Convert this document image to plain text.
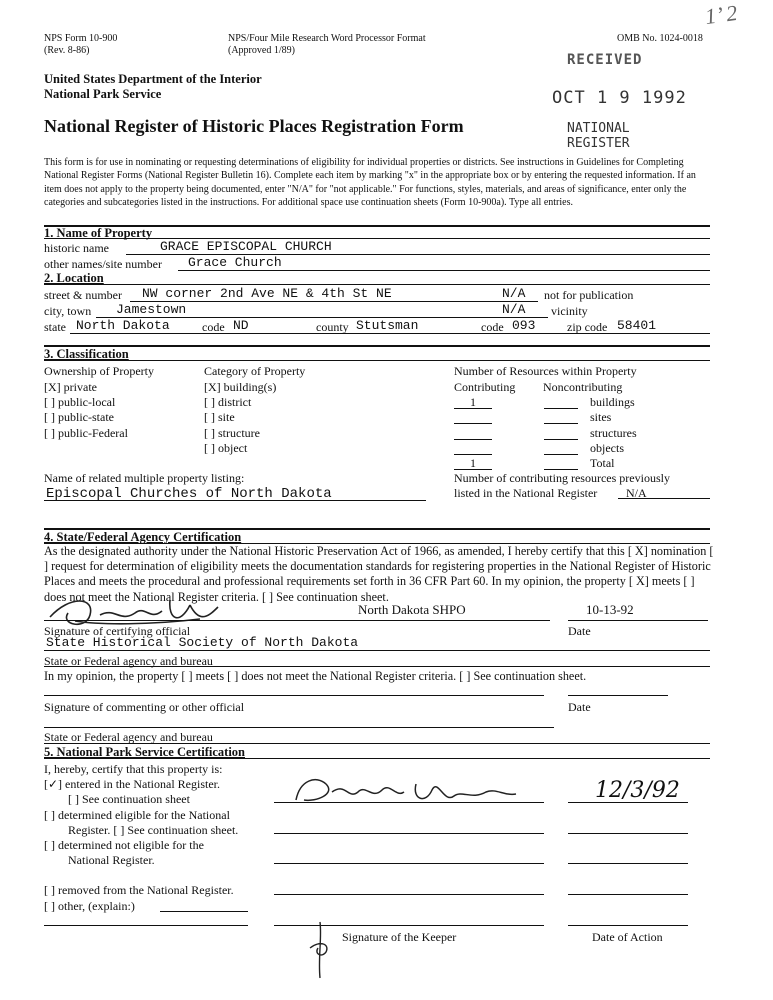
NPS Form 10-900
(Rev. 8-86)
NPS/Four Mile Research Word Processor Format
(Approved 1/89)
OMB No. 1024-0018
1’ 2
United States Department of the Interior
National Park Service
National Register of Historic Places Registration Form
RECEIVED
OCT 1 9 1992
NATIONAL
REGISTER
This form is for use in nominating or requesting determinations of eligibility for individual properties or districts. See instructions in Guidelines for Completing National Register Forms (National Register Bulletin 16). Complete each item by marking "x" in the appropriate box or by entering the requested information. If an item does not apply to the property being documented, enter "N/A" for "not applicable." For functions, styles, materials, and areas of significance, enter only the categories and subcategories listed in the instructions. For additional space use continuation sheets (Form 10-900a). Type all entries.
1. Name of Property
historic name	GRACE EPISCOPAL CHURCH
other names/site number Grace Church
2. Location
street & number NW corner 2nd Ave NE & 4th St NE	N/A not for publication
city, town Jamestown	N/A vicinity
state North Dakota	code ND	county Stutsman	code 093	zip code 58401
3. Classification
Ownership of Property
[X] private
[ ] public-local
[ ] public-state
[ ] public-Federal
Category of Property
[X] building(s)
[ ] district
[ ] site
[ ] structure
[ ] object
Number of Resources within Property
Contributing Noncontributing
1	buildings
sites
structures
objects
1	Total
Name of related multiple property listing:
Episcopal Churches of North Dakota
Number of contributing resources previously
listed in the National Register N/A
4. State/Federal Agency Certification
As the designated authority under the National Historic Preservation Act of 1966, as amended, I hereby certify that this [ X] nomination [ ] request for determination of eligibility meets the documentation standards for registering properties in the National Register of Historic Places and meets the procedural and professional requirements set forth in 36 CFR Part 60. In my opinion, the property [ X] meets [ ] does not meet the National Register criteria. [ ] See continuation sheet.
North Dakota SHPO	10-13-92
Signature of certifying official	Date
State Historical Society of North Dakota
State or Federal agency and bureau
In my opinion, the property [ ] meets [ ] does not meet the National Register criteria. [ ] See continuation sheet.
Signature of commenting or other official	Date
State or Federal agency and bureau
5. National Park Service Certification
I, hereby, certify that this property is:
[✓] entered in the National Register.
[ ] See continuation sheet
[ ] determined eligible for the National
Register. [ ] See continuation sheet.
[ ] determined not eligible for the
National Register.
[ ] removed from the National Register.
[ ] other, (explain:)
12/3/92
Signature of the Keeper	Date of Action
